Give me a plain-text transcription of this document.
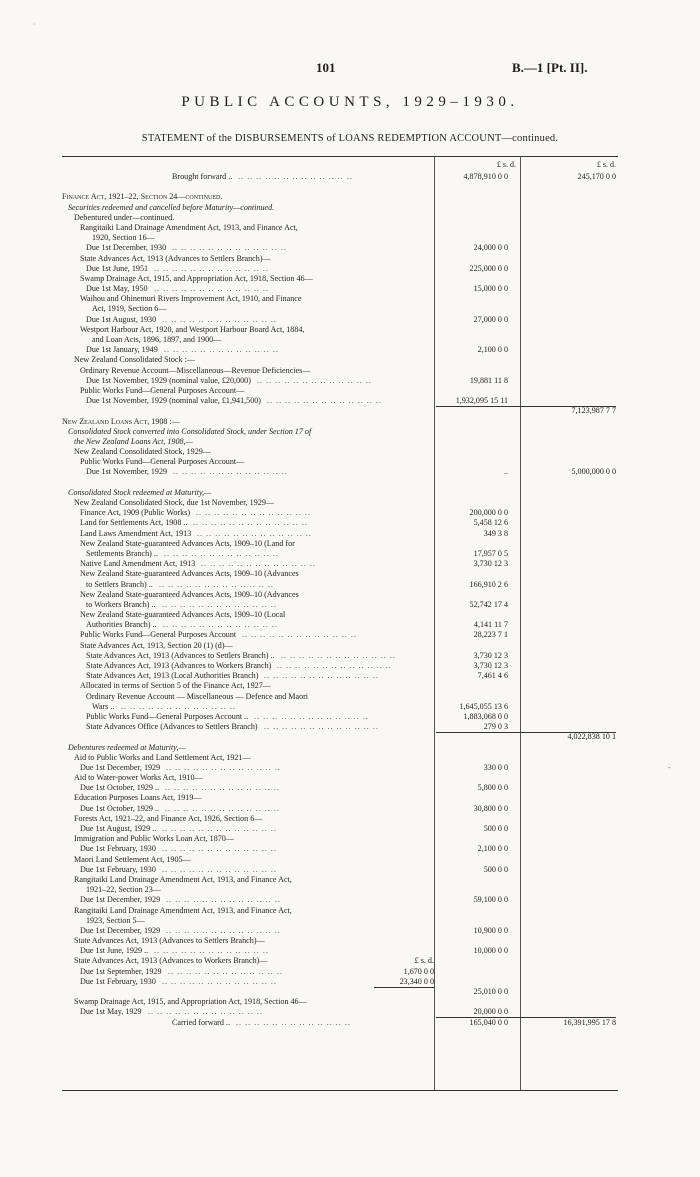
·
101	B.—1 [Pt. II].
PUBLIC ACCOUNTS, 1929–1930.
STATEMENT of the DISBURSEMENTS of LOANS REDEMPTION ACCOUNT—continued.
£ s. d.	£ s. d.
Brought forward ..	4,878,910 0 0	245,170 0 0
.. .. .. .. .. .. .. .. .. .. .. .. ..
Finance Act, 1921–22, Section 24—continued.
Securities redeemed and cancelled before Maturity—continued.
Debentured under—continued.
Rangitaiki Land Drainage Amendment Act, 1913, and Finance Act,
1920, Section 16—
Due 1st December, 1930	24,000 0 0
.. .. .. .. .. .. .. .. .. .. .. .. ..
State Advances Act, 1913 (Advances to Settlers Branch)—
Due 1st June, 1951	225,000 0 0
.. .. .. .. .. .. .. .. .. .. .. .. ..
Swamp Drainage Act, 1915, and Appropriation Act, 1918, Section 46—
Due 1st May, 1950	15,000 0 0
.. .. .. .. .. .. .. .. .. .. .. .. ..
Waihou and Ohinemuri Rivers Improvement Act, 1910, and Finance
Act, 1919, Section 6—
Due 1st August, 1930	27,000 0 0
.. .. .. .. .. .. .. .. .. .. .. .. ..
Westport Harbour Act, 1920, and Westport Harbour Board Act, 1884,
and Loan Acts, 1896, 1897, and 1900—
Due 1st January, 1949	2,100 0 0
.. .. .. .. .. .. .. .. .. .. .. .. ..
New Zealand Consolidated Stock :—
Ordinary Revenue Account—Miscellaneous—Revenue Deficiencies—
Due 1st November, 1929 (nominal value, £20,000)	19,881 11 8
.. .. .. .. .. .. .. .. .. .. .. .. ..
Public Works Fund—General Purposes Account—
Due 1st November, 1929 (nominal value, £1,941,500)	1,932,095 15 11
.. .. .. .. .. .. .. .. .. .. .. .. ..
7,123,987 7 7
New Zealand Loans Act, 1908 :—
Consolidated Stock converted into Consolidated Stock, under Section 17 of
the New Zealand Loans Act, 1908,—
New Zealand Consolidated Stock, 1929—
Public Works Fund—General Purposes Account—
Due 1st November, 1929	..	5,000,000 0 0
.. .. .. .. .. .. .. .. .. .. .. .. ..
Consolidated Stock redeemed at Maturity,—
New Zealand Consolidated Stock, due 1st November, 1929—
Finance Act, 1909 (Public Works)	200,000 0 0
.. .. .. .. .. .. .. .. .. .. .. .. ..
Land for Settlements Act, 1908 ..	5,458 12 6
.. .. .. .. .. .. .. .. .. .. .. .. ..
Land Laws Amendment Act, 1913	349 3 8
.. .. .. .. .. .. .. .. .. .. .. .. ..
New Zealand State-guaranteed Advances Acts, 1909–10 (Land for
Settlements Branch) ..	17,957 0 5
.. .. .. .. .. .. .. .. .. .. .. .. ..
Native Land Amendment Act, 1913	3,730 12 3
.. .. .. .. .. .. .. .. .. .. .. .. ..
New Zealand State-guaranteed Advances Acts, 1909–10 (Advances
to Settlers Branch) ..	166,910 2 6
.. .. .. .. .. .. .. .. .. .. .. .. ..
New Zealand State-guaranteed Advances Acts, 1909–10 (Advances
to Workers Branch) ..	52,742 17 4
.. .. .. .. .. .. .. .. .. .. .. .. ..
New Zealand State-guaranteed Advances Acts, 1909–10 (Local
Authorities Branch) ..	4,141 11 7
.. .. .. .. .. .. .. .. .. .. .. .. ..
Public Works Fund—General Purposes Account	28,223 7 1
.. .. .. .. .. .. .. .. .. .. .. .. ..
State Advances Act, 1913, Section 20 (1) (d)—
State Advances Act, 1913 (Advances to Settlers Branch) ..	3,730 12 3
.. .. .. .. .. .. .. .. .. .. .. .. ..
State Advances Act, 1913 (Advances to Workers Branch)	3,730 12 3
.. .. .. .. .. .. .. .. .. .. .. .. ..
State Advances Act, 1913 (Local Authorities Branch)	7,461 4 6
.. .. .. .. .. .. .. .. .. .. .. .. ..
Allocated in terms of Section 5 of the Finance Act, 1927—
Ordinary Revenue Account — Miscellaneous — Defence and Maori
Wars ..	1,645,055 13 6
.. .. .. .. .. .. .. .. .. .. .. .. ..
Public Works Fund—General Purposes Account ..	1,883,068 0 0
.. .. .. .. .. .. .. .. .. .. .. .. ..
State Advances Office (Advances to Settlers Branch)	279 0 3
.. .. .. .. .. .. .. .. .. .. .. .. ..
4,022,838 10 1
Debentures redeemed at Maturity,—
Aid to Public Works and Land Settlement Act, 1921—
Due 1st December, 1929	330 0 0
.. .. .. .. .. .. .. .. .. .. .. .. ..
Aid to Water-power Works Act, 1910—
Due 1st October, 1929 ..	5,800 0 0
.. .. .. .. .. .. .. .. .. .. .. .. ..
Education Purposes Loans Act, 1919—
Due 1st October, 1929 ..	30,800 0 0
.. .. .. .. .. .. .. .. .. .. .. .. ..
Forests Act, 1921–22, and Finance Act, 1926, Section 6—
Due 1st August, 1929 ..	500 0 0
.. .. .. .. .. .. .. .. .. .. .. .. ..
Immigration and Public Works Loan Act, 1870—
Due 1st February, 1930	2,100 0 0
.. .. .. .. .. .. .. .. .. .. .. .. ..
Maori Land Settlement Act, 1905—
Due 1st February, 1930	500 0 0
.. .. .. .. .. .. .. .. .. .. .. .. ..
Rangitaiki Land Drainage Amendment Act, 1913, and Finance Act,
1921–22, Section 23—
Due 1st December, 1929	59,100 0 0
.. .. .. .. .. .. .. .. .. .. .. .. ..
Rangitaiki Land Drainage Amendment Act, 1913, and Finance Act,
1923, Section 5—
Due 1st December, 1929	10,900 0 0
.. .. .. .. .. .. .. .. .. .. .. .. ..
State Advances Act, 1913 (Advances to Settlers Branch)—
Due 1st June, 1929 ..	10,000 0 0
.. .. .. .. .. .. .. .. .. .. .. .. ..
State Advances Act, 1913 (Advances to Workers Branch)—	£ s. d.
Due 1st September, 1929	1,670 0 0
.. .. .. .. .. .. .. .. .. .. .. .. ..
Due 1st February, 1930	23,340 0 0
.. .. .. .. .. .. .. .. .. .. .. .. ..
25,010 0 0
Swamp Drainage Act, 1915, and Appropriation Act, 1918, Section 46—
Due 1st May, 1929	20,000 0 0
.. .. .. .. .. .. .. .. .. .. .. .. ..
Carried forward ..	165,040 0 0	16,391,995 17 8
.. .. .. .. .. .. .. .. .. .. .. .. ..
-
